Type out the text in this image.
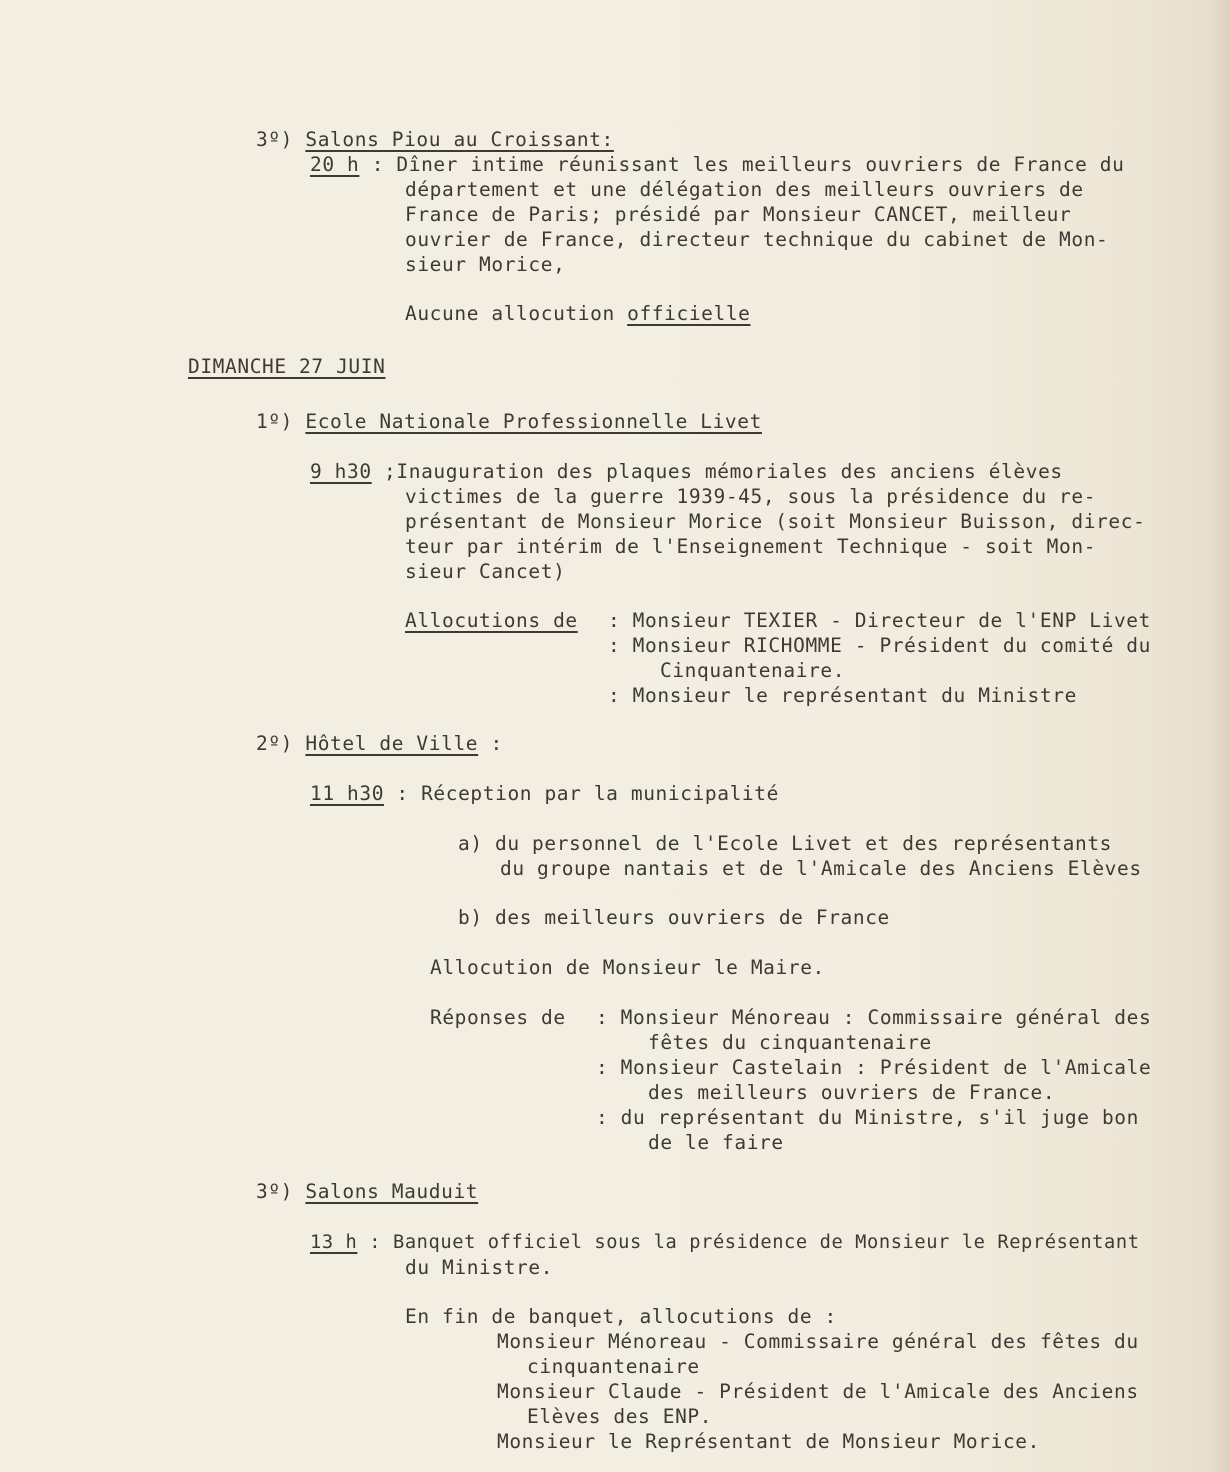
3º) Salons Piou au Croissant:
20 h : Dîner intime réunissant les meilleurs ouvriers de France du
département et une délégation des meilleurs ouvriers de
France de Paris; présidé par Monsieur CANCET, meilleur
ouvrier de France, directeur technique du cabinet de Mon-
sieur Morice,
Aucune allocution officielle
DIMANCHE 27 JUIN
1º) Ecole Nationale Professionnelle Livet
9 h30 ;Inauguration des plaques mémoriales des anciens élèves
victimes de la guerre 1939-45, sous la présidence du re-
présentant de Monsieur Morice (soit Monsieur Buisson, direc-
teur par intérim de l'Enseignement Technique - soit Mon-
sieur Cancet)
Allocutions de : Monsieur TEXIER - Directeur de l'ENP Livet
: Monsieur RICHOMME - Président du comité du
Cinquantenaire.
: Monsieur le représentant du Ministre
2º) Hôtel de Ville :
11 h30 : Réception par la municipalité
a) du personnel de l'Ecole Livet et des représentants
du groupe nantais et de l'Amicale des Anciens Elèves
b) des meilleurs ouvriers de France
Allocution de Monsieur le Maire.
Réponses de : Monsieur Ménoreau : Commissaire général des
fêtes du cinquantenaire
: Monsieur Castelain : Président de l'Amicale
des meilleurs ouvriers de France.
: du représentant du Ministre, s'il juge bon
de le faire
3º) Salons Mauduit
13 h : Banquet officiel sous la présidence de Monsieur le Représentant
du Ministre.
En fin de banquet, allocutions de :
Monsieur Ménoreau - Commissaire général des fêtes du
cinquantenaire
Monsieur Claude - Président de l'Amicale des Anciens
Elèves des ENP.
Monsieur le Représentant de Monsieur Morice.
